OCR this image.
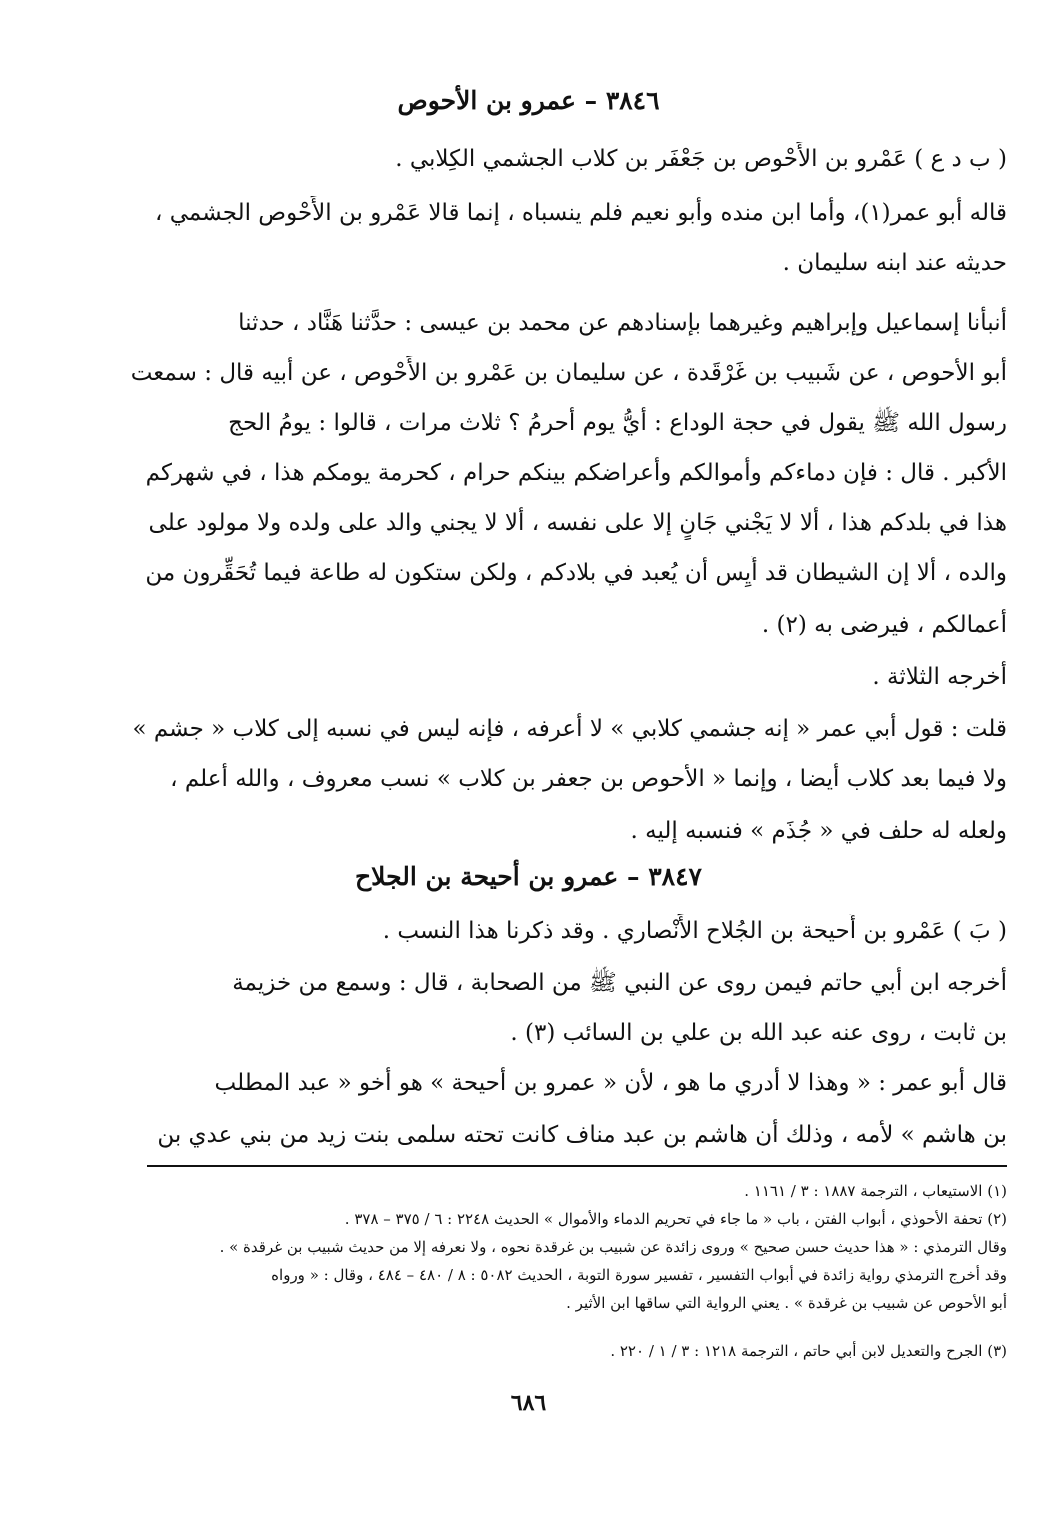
٣٨٤٦ – عمرو بن الأحوص
( ب د ع ) عَمْرو بن الأَحْوص بن جَعْفَر بن كلاب الجشمي الكِلابي .
قاله أبو عمر(١)، وأما ابن منده وأبو نعيم فلم ينسباه ، إنما قالا عَمْرو بن الأَحْوص الجشمي ،
حديثه عند ابنه سليمان .
أنبأنا إسماعيل وإبراهيم وغيرهما بإسنادهم عن محمد بن عيسى : حدَّثنا هَنَّاد ، حدثنا
أبو الأحوص ، عن شَبيب بن غَرْقَدة ، عن سليمان بن عَمْرو بن الأَحْوص ، عن أبيه قال : سمعت
رسول الله ﷺ يقول في حجة الوداع : أيُّ يوم أحرمُ ؟ ثلاث مرات ، قالوا : يومُ الحج
الأكبر . قال : فإن دماءكم وأموالكم وأعراضكم بينكم حرام ، كحرمة يومكم هذا ، في شهركم
هذا في بلدكم هذا ، ألا لا يَجْني جَانٍ إلا على نفسه ، ألا لا يجني والد على ولده ولا مولود على
والده ، ألا إن الشيطان قد أَيِس أن يُعبد في بلادكم ، ولكن ستكون له طاعة فيما تُحَقِّرون من
أعمالكم ، فيرضى به (٢) .
أخرجه الثلاثة .
قلت : قول أبي عمر « إنه جشمي كلابي » لا أعرفه ، فإنه ليس في نسبه إلى كلاب « جشم »
ولا فيما بعد كلاب أيضا ، وإنما « الأحوص بن جعفر بن كلاب » نسب معروف ، والله أعلم ،
ولعله له حلف في « جُذَم » فنسبه إليه .
٣٨٤٧ – عمرو بن أحيحة بن الجلاح
( بَ ) عَمْرو بن أُحيحة بن الجُلاح الأَنْصاري . وقد ذكرنا هذا النسب .
أخرجه ابن أبي حاتم فيمن روى عن النبي ﷺ من الصحابة ، قال : وسمع من خزيمة
بن ثابت ، روى عنه عبد الله بن علي بن السائب (٣) .
قال أبو عمر : « وهذا لا أدري ما هو ، لأن « عمرو بن أحيحة » هو أخو « عبد المطلب
بن هاشم » لأمه ، وذلك أن هاشم بن عبد مناف كانت تحته سلمى بنت زيد من بني عدي بن
(١) الاستيعاب ، الترجمة ١٨٨٧ : ٣ / ١١٦١ .
(٢) تحفة الأحوذي ، أبواب الفتن ، باب « ما جاء في تحريم الدماء والأموال » الحديث ٢٢٤٨ : ٦ / ٣٧٥ – ٣٧٨ .
وقال الترمذي : « هذا حديث حسن صحيح » وروى زائدة عن شبيب بن غرقدة نحوه ، ولا نعرفه إلا من حديث شبيب بن غرقدة » .
وقد أخرج الترمذي رواية زائدة في أبواب التفسير ، تفسير سورة التوبة ، الحديث ٥٠٨٢ : ٨ / ٤٨٠ – ٤٨٤ ، وقال : « ورواه
أبو الأحوص عن شبيب بن غرقدة » . يعني الرواية التي ساقها ابن الأثير .
(٣) الجرح والتعديل لابن أبي حاتم ، الترجمة ١٢١٨ : ٣ / ١ / ٢٢٠ .
٦٨٦
